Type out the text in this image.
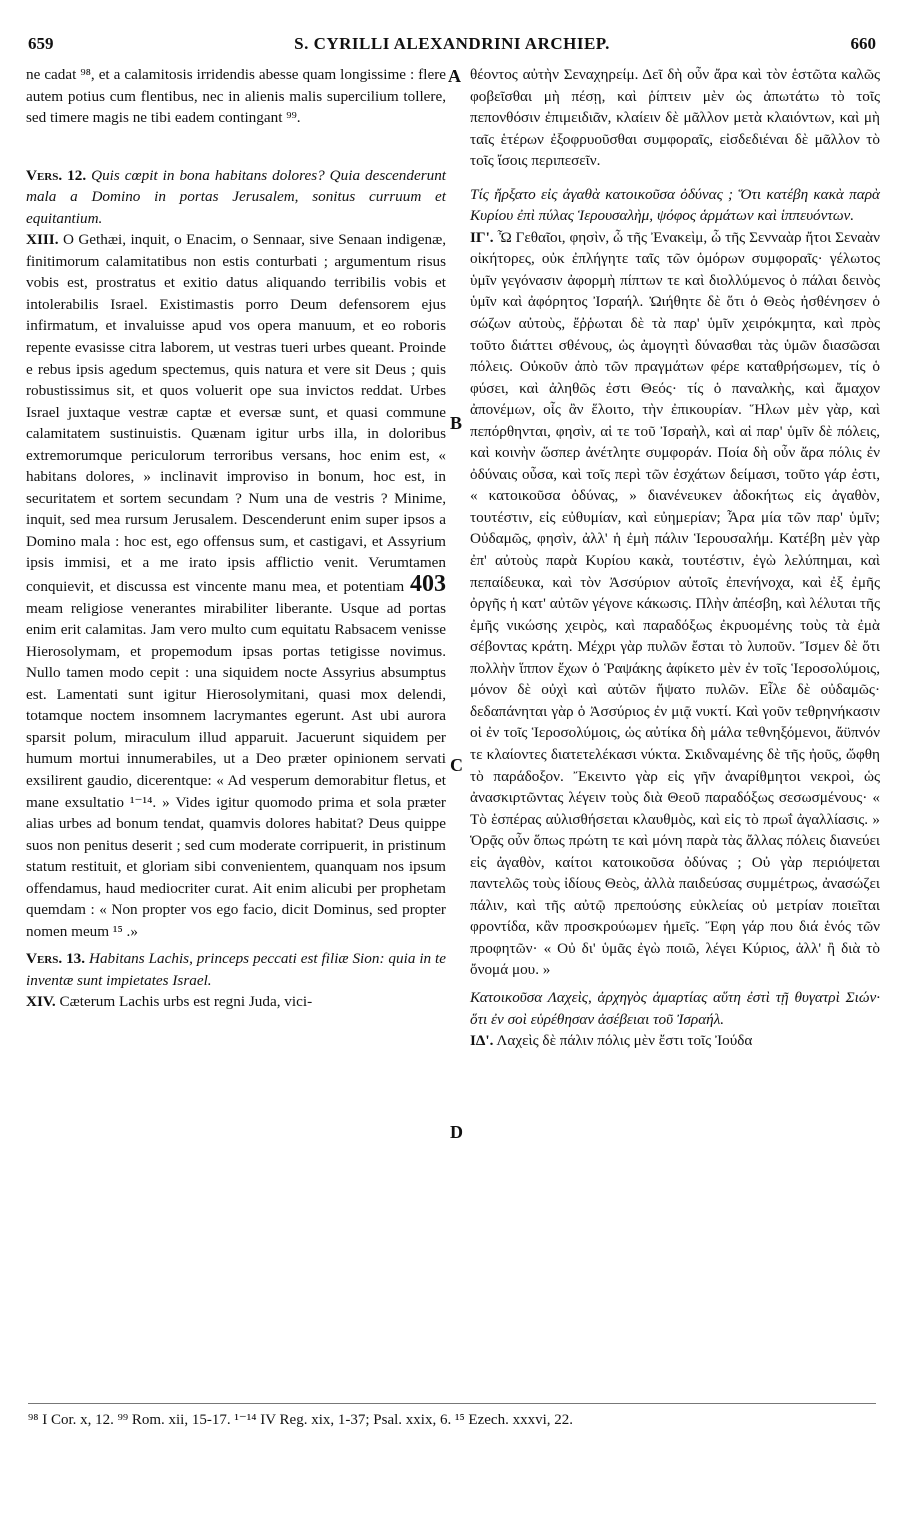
659	S. CYRILLI ALEXANDRINI ARCHIEP.	660
A
B
C
D

ne cadat ⁹⁸, et a calamitosis irridendis abesse quam longissime : flere autem potius cum flentibus, nec in alienis malis supercilium tollere, sed timere magis ne tibi eadem contingant ⁹⁹.

Vers. 12. Quis cœpit in bona habitans dolores? Quia descenderunt mala a Domino in portas Jerusalem, sonitus curruum et equitantium.

XIII. O Gethæi, inquit, o Enacim, o Sennaar, sive Senaan indigenæ, finitimorum calamitatibus non estis conturbati ; argumentum risus vobis est, prostratus et exitio datus aliquando terribilis vobis et intolerabilis Israel. Existimastis porro Deum defensorem ejus infirmatum, et invaluisse apud vos opera manuum, et eo roboris repente evasisse citra laborem, ut vestras tueri urbes queant. Proinde e rebus ipsis agedum spectemus, quis natura et vere sit Deus ; quis robustissimus sit, et quos voluerit ope sua invictos reddat. Urbes Israel juxtaque vestræ captæ et eversæ sunt, et quasi commune calamitatem sustinuistis. Quænam igitur urbs illa, in doloribus extremorumque periculorum terroribus versans, hoc enim est, « habitans dolores, » inclinavit improviso in bonum, hoc est, in securitatem et sortem secundam ? Num una de vestris ? Minime, inquit, sed mea rursum Jerusalem. Descenderunt enim super ipsos a Domino mala : hoc est, ego offensus sum, et castigavi, et Assyrium ipsis immisi, et a me irato ipsis afflictio venit. Verumtamen conquievit, et discussa est vincente manu mea, et potentiam 403 meam religiose venerantes mirabiliter liberante. Usque ad portas enim erit calamitas. Jam vero multo cum equitatu Rabsacem venisse Hierosolymam, et propemodum ipsas portas tetigisse novimus. Nullo tamen modo cepit : una siquidem nocte Assyrius absumptus est. Lamentati sunt igitur Hierosolymitani, quasi mox delendi, totamque noctem insomnem lacrymantes egerunt. Ast ubi aurora sparsit polum, miraculum illud apparuit. Jacuerunt siquidem per humum mortui innumerabiles, ut a Deo præter opinionem servati exsilirent gaudio, dicerentque: « Ad vesperum demorabitur fletus, et mane exsultatio ¹⁻¹⁴. » Vides igitur quomodo prima et sola præter alias urbes ad bonum tendat, quamvis dolores habitat? Deus quippe suos non penitus deserit ; sed cum moderate corripuerit, in pristinum statum restituit, et gloriam sibi convenientem, quanquam nos ipsum offendamus, haud mediocriter curat. Ait enim alicubi per prophetam quemdam : « Non propter vos ego facio, dicit Dominus, sed propter nomen meum ¹⁵ .»

Vers. 13. Habitans Lachis, princeps peccati est filiæ Sion: quia in te inventæ sunt impietates Israel.

XIV. Cæterum Lachis urbs est regni Juda, vici-

θέοντος αὐτὴν Σεναχηρείμ. Δεῖ δὴ οὖν ἄρα καὶ τὸν ἑστῶτα καλῶς φοβεῖσθαι μὴ πέσῃ, καὶ ῥίπτειν μὲν ὡς ἀπωτάτω τὸ τοῖς πεπονθόσιν ἐπιμειδιᾶν, κλαίειν δὲ μᾶλλον μετὰ κλαιόντων, καὶ μὴ ταῖς ἑτέρων ἐξοφρυοῦσθαι συμφοραῖς, εἰσδεδιέναι δὲ μᾶλλον τὸ τοῖς ἴσοις περιπεσεῖν.

Τίς ἤρξατο εἰς ἀγαθὰ κατοικοῦσα ὀδύνας ; Ὅτι κατέβη κακὰ παρὰ Κυρίου ἐπὶ πύλας Ἱερουσαλὴμ, ψόφος ἁρμάτων καὶ ἱππευόντων.

ΙΓ'. Ὦ Γεθαῖοι, φησὶν, ὦ τῆς Ἐνακεὶμ, ὦ τῆς Σενναὰρ ἤτοι Σεναὰν οἰκήτορες, οὐκ ἐπλήγητε ταῖς τῶν ὁμόρων συμφοραῖς· γέλωτος ὑμῖν γεγόνασιν ἀφορμὴ πίπτων τε καὶ διολλύμενος ὁ πάλαι δεινὸς ὑμῖν καὶ ἀφόρητος Ἰσραήλ. Ὠιήθητε δὲ ὅτι ὁ Θεὸς ἠσθένησεν ὁ σώζων αὐτοὺς, ἔῤῥωται δὲ τὰ παρ' ὑμῖν χειρόκμητα, καὶ πρὸς τοῦτο διάττει σθένους, ὡς ἀμογητὶ δύνασθαι τὰς ὑμῶν διασῶσαι πόλεις. Οὐκοῦν ἀπὸ τῶν πραγμάτων φέρε καταθρήσωμεν, τίς ὁ φύσει, καὶ ἀληθῶς ἐστι Θεός· τίς ὁ παναλκὴς, καὶ ἄμαχον ἀπονέμων, οἷς ἂν ἕλοιτο, τὴν ἐπικουρίαν. Ἥλων μὲν γὰρ, καὶ πεπόρθηνται, φησὶν, αἱ τε τοῦ Ἰσραὴλ, καὶ αἱ παρ' ὑμῖν δὲ πόλεις, καὶ κοινὴν ὥσπερ ἀνέτλητε συμφοράν. Ποία δὴ οὖν ἄρα πόλις ἐν ὀδύναις οὖσα, καὶ τοῖς περὶ τῶν ἐσχάτων δείμασι, τοῦτο γάρ ἐστι, « κατοικοῦσα ὀδύνας, » διανένευκεν ἀδοκήτως εἰς ἀγαθὸν, τουτέστιν, εἰς εὐθυμίαν, καὶ εὐημερίαν; Ἆρα μία τῶν παρ' ὑμῖν; Οὐδαμῶς, φησὶν, ἀλλ' ἡ ἐμὴ πάλιν Ἱερουσαλήμ. Κατέβη μὲν γὰρ ἐπ' αὐτοὺς παρὰ Κυρίου κακὰ, τουτέστιν, ἐγὼ λελύπημαι, καὶ πεπαίδευκα, καὶ τὸν Ἀσσύριον αὐτοῖς ἐπενήνοχα, καὶ ἐξ ἐμῆς ὀργῆς ἡ κατ' αὐτῶν γέγονε κάκωσις. Πλὴν ἀπέσβη, καὶ λέλυται τῆς ἐμῆς νικώσης χειρὸς, καὶ παραδόξως ἐκρυομένης τοὺς τὰ ἐμὰ σέβοντας κράτη. Μέχρι γὰρ πυλῶν ἔσται τὸ λυποῦν. Ἴσμεν δὲ ὅτι πολλὴν ἵππον ἔχων ὁ Ῥαψάκης ἀφίκετο μὲν ἐν τοῖς Ἱεροσολύμοις, μόνον δὲ οὐχὶ καὶ αὐτῶν ἥψατο πυλῶν. Εἷλε δὲ οὐδαμῶς· δεδαπάνηται γὰρ ὁ Ἀσσύριος ἐν μιᾷ νυκτί. Καὶ γοῦν τεθρηνήκασιν οἱ ἐν τοῖς Ἱεροσολύμοις, ὡς αὐτίκα δὴ μάλα τεθνηξόμενοι, ἄϋπνόν τε κλαίοντες διατετελέκασι νύκτα. Σκιδναμένης δὲ τῆς ἠοῦς, ὤφθη τὸ παράδοξον. Ἔκειντο γὰρ εἰς γῆν ἀναρίθμητοι νεκροὶ, ὡς ἀνασκιρτῶντας λέγειν τοὺς διὰ Θεοῦ παραδόξως σεσωσμένους· « Τὸ ἑσπέρας αὐλισθήσεται κλαυθμὸς, καὶ εἰς τὸ πρωΐ ἀγαλλίασις. » Ὁρᾷς οὖν ὅπως πρώτη τε καὶ μόνη παρὰ τὰς ἄλλας πόλεις διανεύει εἰς ἀγαθὸν, καίτοι κατοικοῦσα ὀδύνας ; Οὐ γὰρ περιόψεται παντελῶς τοὺς ἰδίους Θεὸς, ἀλλὰ παιδεύσας συμμέτρως, ἀνασώζει πάλιν, καὶ τῆς αὐτῷ πρεπούσης εὐκλείας οὐ μετρίαν ποιεῖται φροντίδα, κἂν προσκρούωμεν ἡμεῖς. Ἔφη γάρ που διά ἑνός τῶν προφητῶν· « Οὐ δι' ὑμᾶς ἐγὼ ποιῶ, λέγει Κύριος, ἀλλ' ἢ διὰ τὸ ὄνομά μου. »

Κατοικοῦσα Λαχεὶς, ἀρχηγὸς ἁμαρτίας αὕτη ἐστὶ τῇ θυγατρὶ Σιών· ὅτι ἐν σοὶ εὑρέθησαν ἀσέβειαι τοῦ Ἰσραήλ.

ΙΔ'. Λαχεὶς δὲ πάλιν πόλις μὲν ἔστι τοῖς Ἰούδα

⁹⁸ I Cor. x, 12. ⁹⁹ Rom. xii, 15-17. ¹⁻¹⁴ IV Reg. xix, 1-37; Psal. xxix, 6. ¹⁵ Ezech. xxxvi, 22.
